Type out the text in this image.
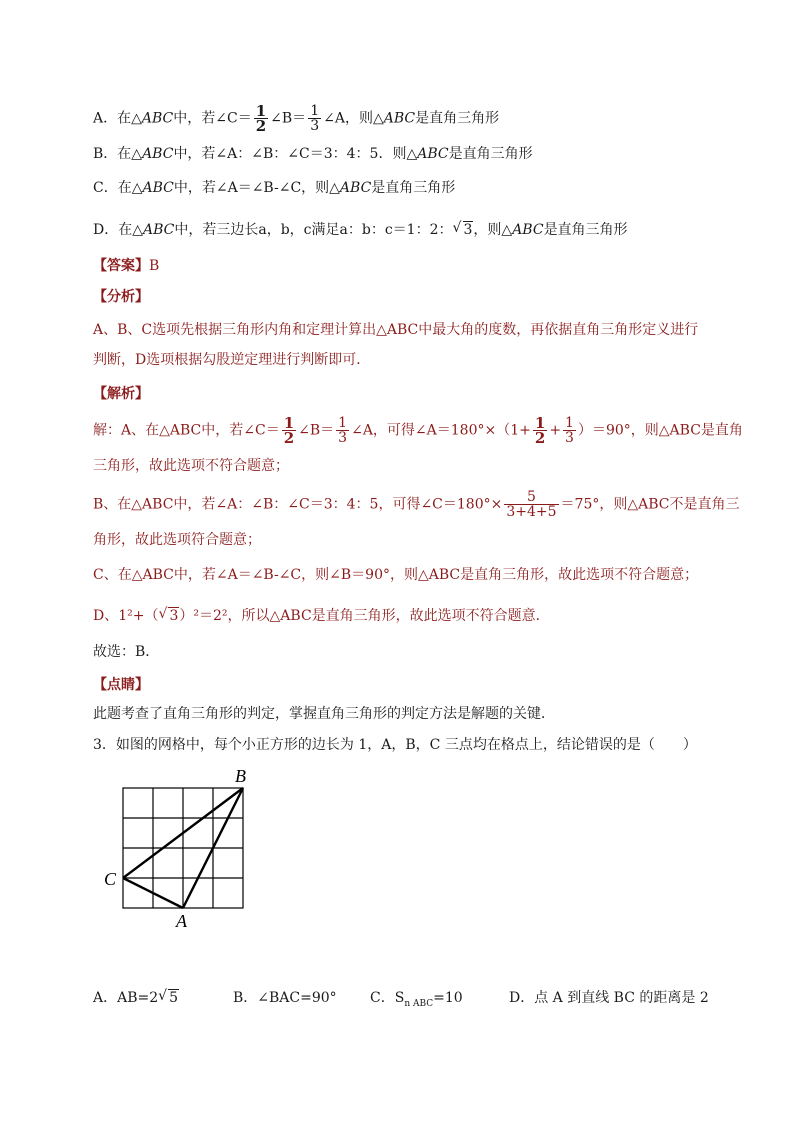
A．在△ABC中，若∠C＝ $\frac{1}{2}$ ∠B＝ $\frac{1}{3}$ ∠A，则△ABC是直角三角形
B．在△ABC中，若∠A：∠B：∠C＝3：4：5．则△ABC是直角三角形
C．在△ABC中，若∠A＝∠B-∠C，则△ABC是直角三角形
D．在△ABC中，若三边长a，b，c满足a：b：c＝1：2： √ 3，则△ABC是直角三角形
【答案】B
【分析】
A、B、C选项先根据三角形内角和定理计算出△ABC中最大角的度数，再依据直角三角形定义进行
判断，D选项根据勾股逆定理进行判断即可．
【解析】
解：A、在△ABC中，若∠C＝ $\frac{1}{2}$ ∠B＝ $\frac{1}{3}$ ∠A，可得∠A＝180°×（1+ $\frac{1}{2} + \frac{1}{3} )=90^\circ$，则△ABC是直角
三角形，故此选项不符合题意；
B、在△ABC中，若∠A：∠B：∠C＝3：4：5，可得∠C＝180°× $\frac{5}{3+4+5} =75^\circ$，则△ABC不是直角三
角形，故此选项符合题意；
C、在△ABC中，若∠A＝∠B-∠C，则∠B＝90°，则△ABC是直角三角形，故此选项不符合题意；
D、1²+（ √ 3）²＝2²，所以△ABC是直角三角形，故此选项不符合题意．
故选：B．
【点睛】
此题考查了直角三角形的判定，掌握直角三角形的判定方法是解题的关键．
3．如图的网格中，每个小正方形的边长为 1，A，B，C 三点均在格点上，结论错误的是（　　）
B
C
A
A．AB=2 √ 5	B．∠BAC=90° C．$S_{n ABC}=10$	D．点 A 到直线 BC 的距离是 2
